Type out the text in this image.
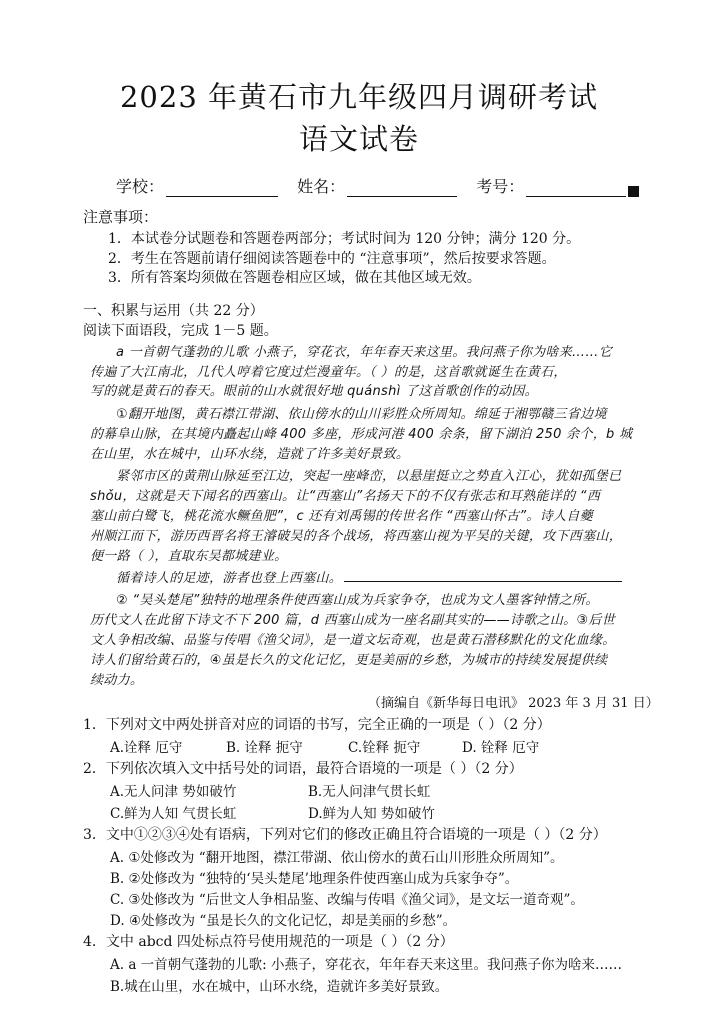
2023 年黄石市九年级四月调研考试
语文试卷
学校：	姓名：	考号：
注意事项：
1．本试卷分试题卷和答题卷两部分；考试时间为 120 分钟；满分 120 分。
2．考生在答题前请仔细阅读答题卷中的 “注意事项”，然后按要求答题。
3．所有答案均须做在答题卷相应区域，做在其他区域无效。
一、积累与运用（共 22 分）
阅读下面语段，完成 1－5 题。
a 一首朝气蓬勃的儿歌 小燕子，穿花衣，年年春天来这里。我问燕子你为啥来……它
传遍了大江南北，几代人哼着它度过烂漫童年。（ ）的是，这首歌就诞生在黄石，
写的就是黄石的春天。眼前的山水就很好地 quánshì 了这首歌创作的动因。
①翻开地图，黄石襟江带湖、依山傍水的山川彩胜众所周知。绵延于湘鄂赣三省边境
的幕阜山脉，在其境内矗起山峰 400 多座，形成河港 400 余条，留下湖泊 250 余个，b 城
在山里，水在城中，山环水绕，造就了许多美好景致。
紧邻市区的黄荆山脉延至江边，突起一座峰峦，以悬崖挺立之势直入江心，犹如孤堡已
shǒu，这就是天下闻名的西塞山。让“西塞山”名扬天下的不仅有张志和耳熟能详的 “西
塞山前白鹭飞，桃花流水鳜鱼肥”，c 还有刘禹锡的传世名作 “西塞山怀古”。诗人自夔
州顺江而下，游历西晋名将王濬破吴的各个战场，将西塞山视为平吴的关键，攻下西塞山，
便一路（ ），直取东吴都城建业。
循着诗人的足迹，游者也登上西塞山。
② “吴头楚尾”独特的地理条件使西塞山成为兵家争夺，也成为文人墨客钟情之所。
历代文人在此留下诗文不下 200 篇，d 西塞山成为一座名副其实的——诗歌之山。③后世
文人争相改编、品鉴与传唱《渔父词》，是一道文坛奇观，也是黄石潜移默化的文化血缘。
诗人们留给黄石的，④虽是长久的文化记忆，更是美丽的乡愁，为城市的持续发展提供续
续动力。
（摘编自《新华每日电讯》 2023 年 3 月 31 日）
1．下列对文中两处拼音对应的词语的书写，完全正确的一项是（ ）（2 分）
A.诠释 厄守	B. 诠释 扼守	C.铨释 扼守	D. 铨释 厄守
2．下列依次填入文中括号处的词语，最符合语境的一项是（ ）（2 分）
A.无人问津 势如破竹	B.无人问津气贯长虹
C.鲜为人知 气贯长虹	D.鲜为人知 势如破竹
3．文中①②③④处有语病，下列对它们的修改正确且符合语境的一项是（ ）（2 分）
A. ①处修改为 “翻开地图，襟江带湖、依山傍水的黄石山川形胜众所周知”。
B. ②处修改为 “独特的‘吴头楚尾’地理条件使西塞山成为兵家争夺”。
C. ③处修改为 “后世文人争相品鉴、改编与传唱《渔父词》，是文坛一道奇观”。
D. ④处修改为 “虽是长久的文化记忆，却是美丽的乡愁”。
4．文中 abcd 四处标点符号使用规范的一项是（ ）（2 分）
A. a 一首朝气蓬勃的儿歌: 小燕子，穿花衣，年年春天来这里。我问燕子你为啥来……
B.城在山里，水在城中，山环水绕，造就许多美好景致。
